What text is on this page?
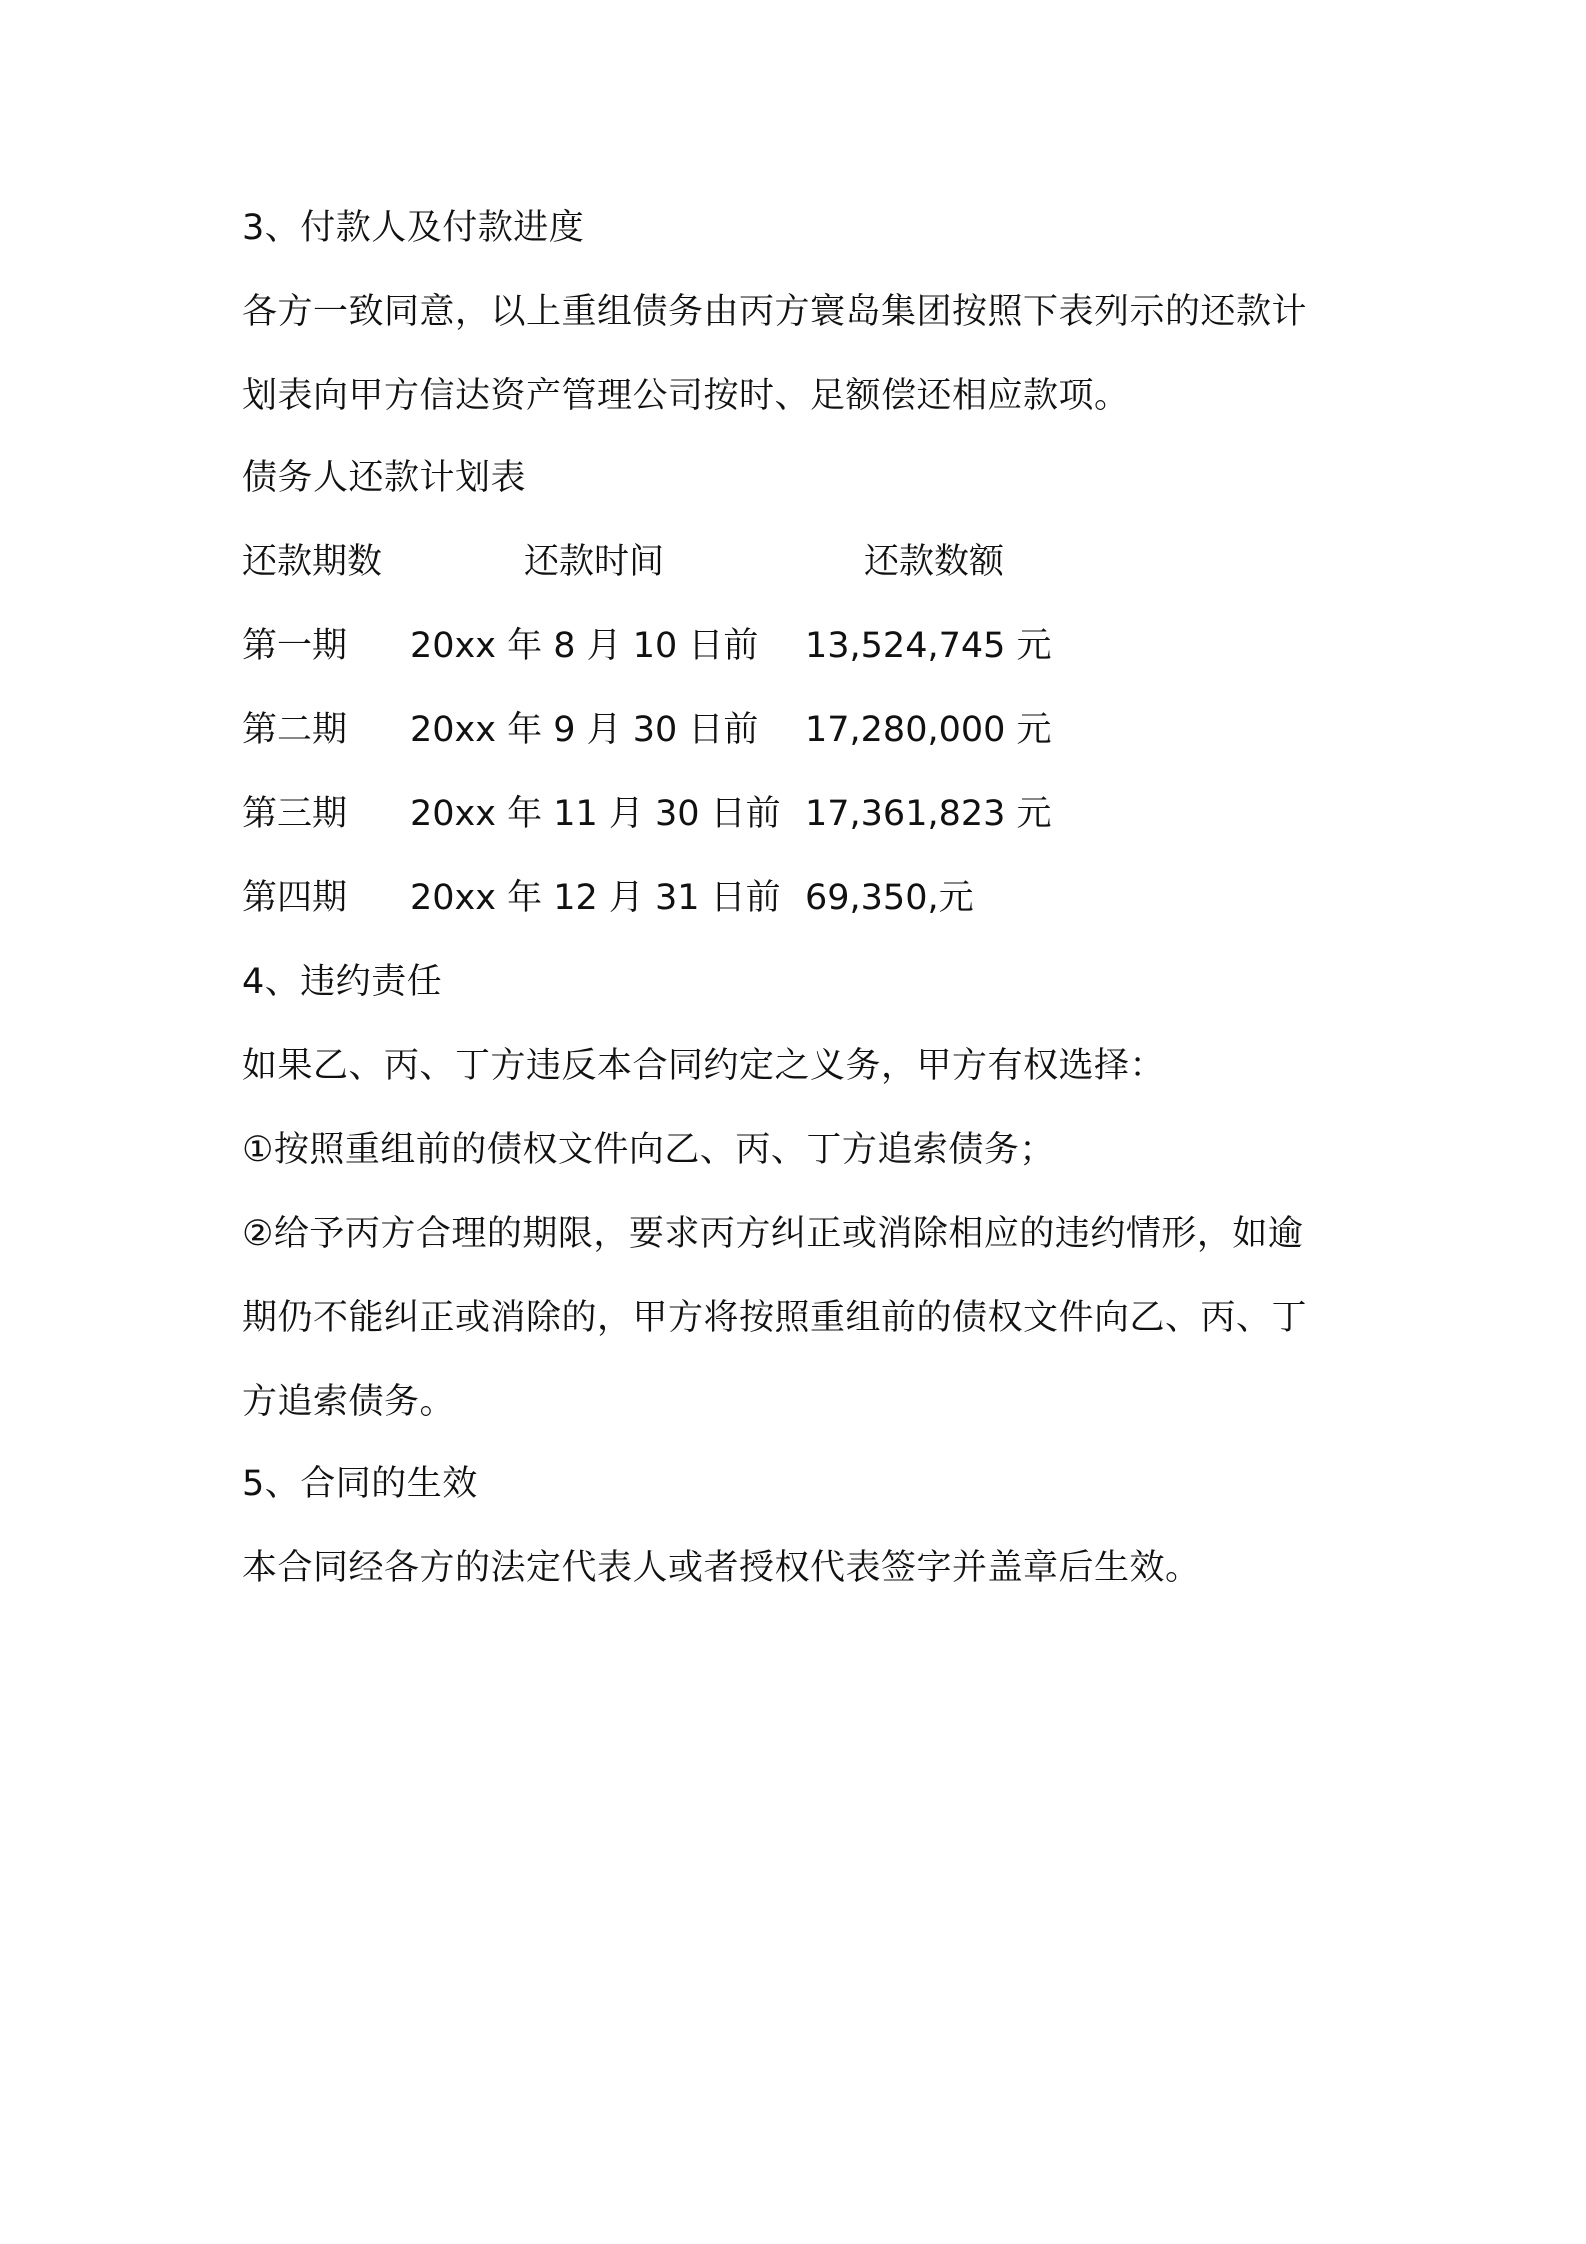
3、付款人及付款进度
各方一致同意，以上重组债务由丙方寰岛集团按照下表列示的还款计
划表向甲方信达资产管理公司按时、足额偿还相应款项。
债务人还款计划表
还款期数	还款时间	还款数额
第一期 20xx 年 8 月 10 日前 13,524,745 元
第二期 20xx 年 9 月 30 日前 17,280,000 元
第三期 20xx 年 11 月 30 日前 17,361,823 元
第四期 20xx 年 12 月 31 日前 69,350,元
4、违约责任
如果乙、丙、丁方违反本合同约定之义务，甲方有权选择：
①按照重组前的债权文件向乙、丙、丁方追索债务；
②给予丙方合理的期限，要求丙方纠正或消除相应的违约情形，如逾
期仍不能纠正或消除的，甲方将按照重组前的债权文件向乙、丙、丁
方追索债务。
5、合同的生效
本合同经各方的法定代表人或者授权代表签字并盖章后生效。
